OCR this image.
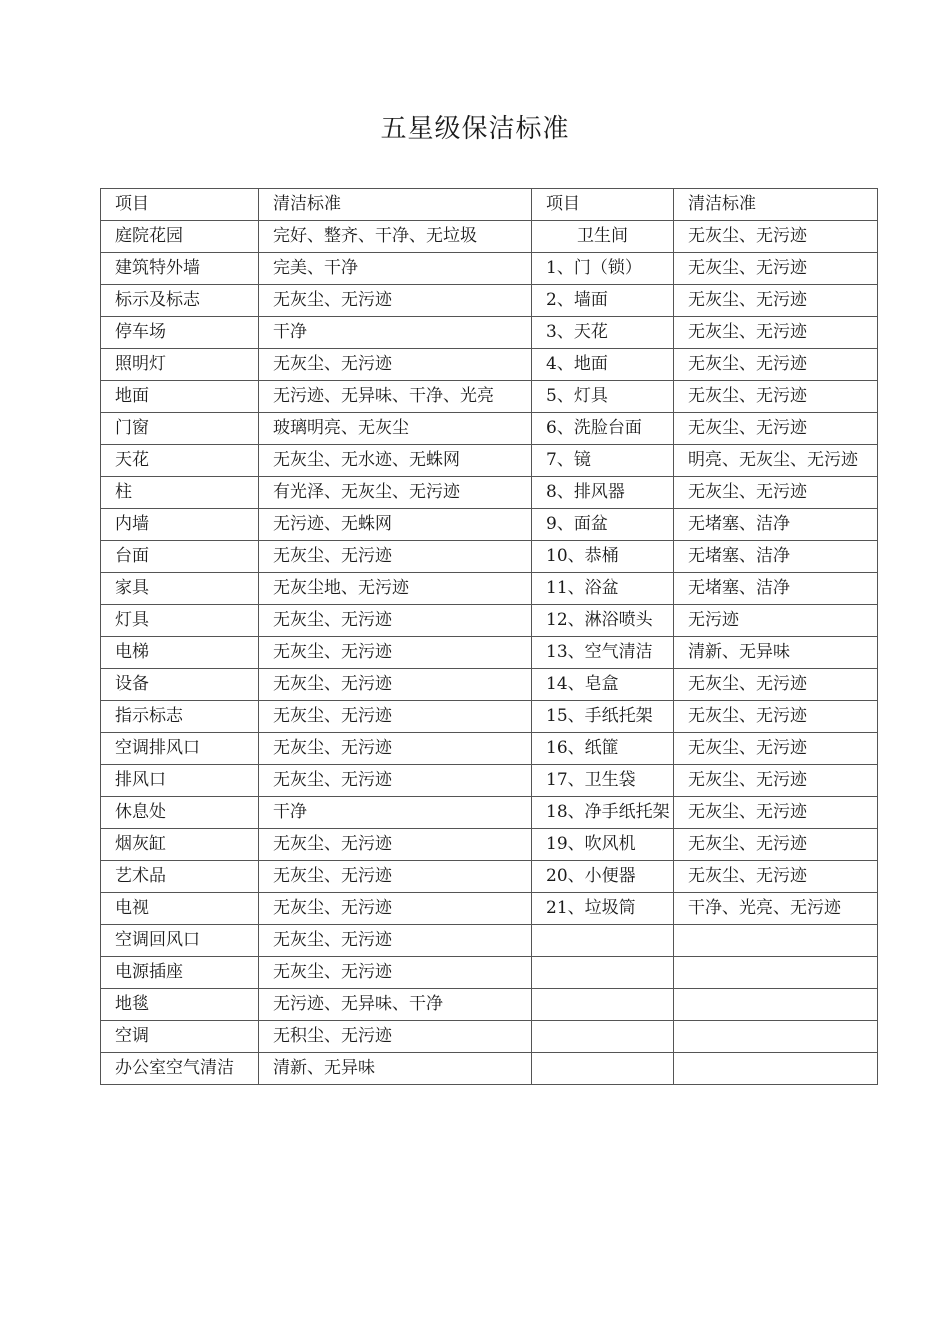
五星级保洁标准
项目	清洁标准	项目	清洁标准
庭院花园	完好、整齐、干净、无垃圾	卫生间	无灰尘、无污迹
建筑特外墙	完美、干净	1、门（锁）	无灰尘、无污迹
标示及标志	无灰尘、无污迹	2、墙面	无灰尘、无污迹
停车场	干净	3、天花	无灰尘、无污迹
照明灯	无灰尘、无污迹	4、地面	无灰尘、无污迹
地面	无污迹、无异味、干净、光亮	5、灯具	无灰尘、无污迹
门窗	玻璃明亮、无灰尘	6、洗脸台面	无灰尘、无污迹
天花	无灰尘、无水迹、无蛛网	7、镜	明亮、无灰尘、无污迹
柱	有光泽、无灰尘、无污迹	8、排风器	无灰尘、无污迹
内墙	无污迹、无蛛网	9、面盆	无堵塞、洁净
台面	无灰尘、无污迹	10、恭桶	无堵塞、洁净
家具	无灰尘地、无污迹	11、浴盆	无堵塞、洁净
灯具	无灰尘、无污迹	12、淋浴喷头	无污迹
电梯	无灰尘、无污迹	13、空气清洁	清新、无异味
设备	无灰尘、无污迹	14、皂盒	无灰尘、无污迹
指示标志	无灰尘、无污迹	15、手纸托架	无灰尘、无污迹
空调排风口	无灰尘、无污迹	16、纸篚	无灰尘、无污迹
排风口	无灰尘、无污迹	17、卫生袋	无灰尘、无污迹
休息处	干净	18、净手纸托架	无灰尘、无污迹
烟灰缸	无灰尘、无污迹	19、吹风机	无灰尘、无污迹
艺术品	无灰尘、无污迹	20、小便器	无灰尘、无污迹
电视	无灰尘、无污迹	21、垃圾筒	干净、光亮、无污迹
空调回风口	无灰尘、无污迹		
电源插座	无灰尘、无污迹		
地毯	无污迹、无异味、干净		
空调	无积尘、无污迹		
办公室空气清洁	清新、无异味		
